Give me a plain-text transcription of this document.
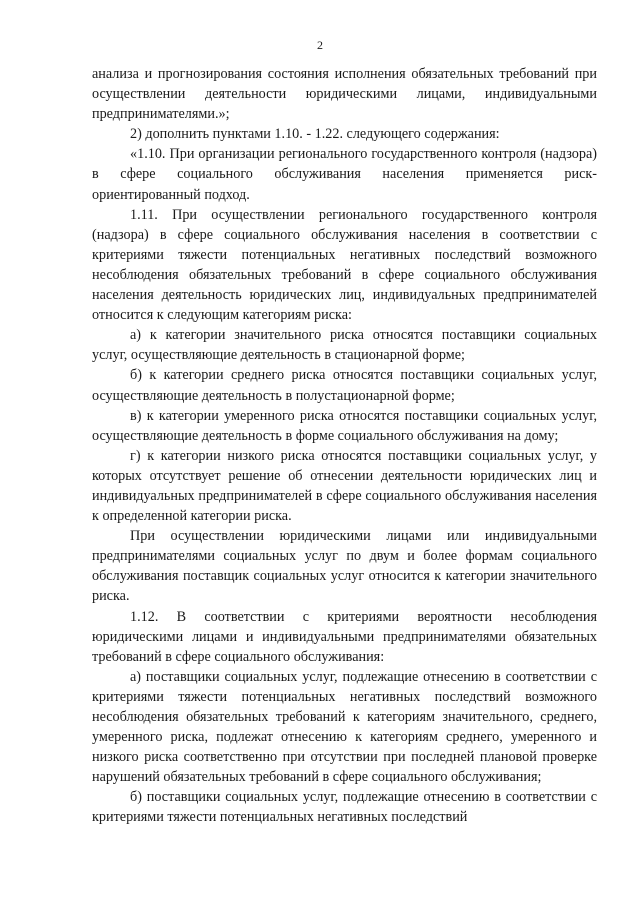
2

анализа и прогнозирования состояния исполнения обязательных требований при осуществлении деятельности юридическими лицами, индивидуальными предпринимателями.»;

2) дополнить пунктами 1.10. - 1.22. следующего содержания:

«1.10. При организации регионального государственного контроля (надзора) в сфере социального обслуживания населения применяется риск-ориентированный подход.

1.11. При осуществлении регионального государственного контроля (надзора) в сфере социального обслуживания населения в соответствии с критериями тяжести потенциальных негативных последствий возможного несоблюдения обязательных требований в сфере социального обслуживания населения деятельность юридических лиц, индивидуальных предпринимателей относится к следующим категориям риска:

а) к категории значительного риска относятся поставщики социальных услуг, осуществляющие деятельность в стационарной форме;

б) к категории среднего риска относятся поставщики социальных услуг, осуществляющие деятельность в полустационарной форме;

в) к категории умеренного риска относятся поставщики социальных услуг, осуществляющие деятельность в форме социального обслуживания на дому;

г) к категории низкого риска относятся поставщики социальных услуг, у которых отсутствует решение об отнесении деятельности юридических лиц и индивидуальных предпринимателей в сфере социального обслуживания населения к определенной категории риска.

При осуществлении юридическими лицами или индивидуальными предпринимателями социальных услуг по двум и более формам социального обслуживания поставщик социальных услуг относится к категории значительного риска.

1.12. В соответствии с критериями вероятности несоблюдения юридическими лицами и индивидуальными предпринимателями обязательных требований в сфере социального обслуживания:

а) поставщики социальных услуг, подлежащие отнесению в соответствии с критериями тяжести потенциальных негативных последствий возможного несоблюдения обязательных требований к категориям значительного, среднего, умеренного риска, подлежат отнесению к категориям среднего, умеренного и низкого риска соответственно при отсутствии при последней плановой проверке нарушений обязательных требований в сфере социального обслуживания;

б) поставщики социальных услуг, подлежащие отнесению в соответствии с критериями тяжести потенциальных негативных последствий
